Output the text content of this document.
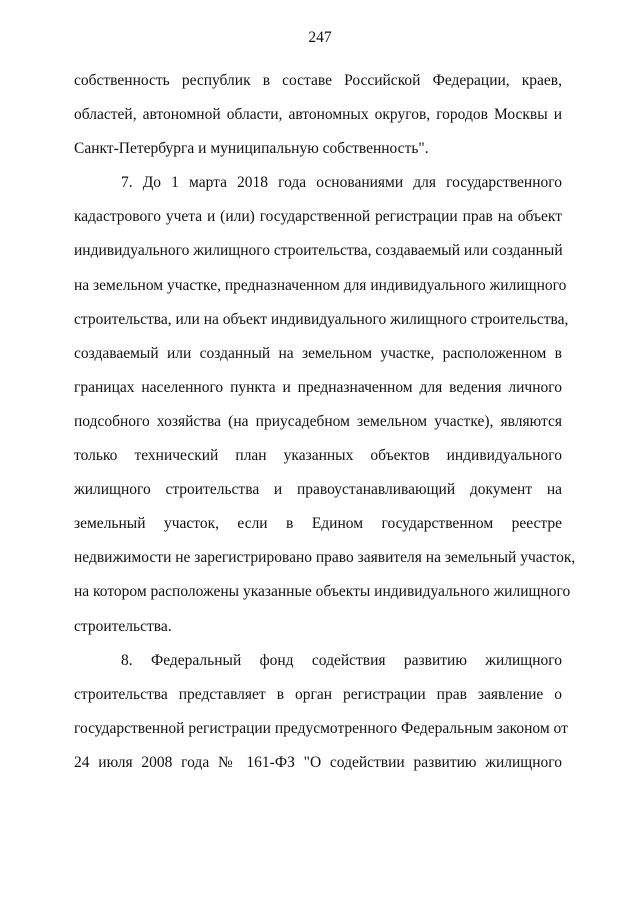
247
собственность республик в составе Российской Федерации, краев,
областей, автономной области, автономных округов, городов Москвы и
Санкт-Петербурга и муниципальную собственность".
7. До 1 марта 2018 года основаниями для государственного
кадастрового учета и (или) государственной регистрации прав на объект
индивидуального жилищного строительства, создаваемый или созданный
на земельном участке, предназначенном для индивидуального жилищного
строительства, или на объект индивидуального жилищного строительства,
создаваемый или созданный на земельном участке, расположенном в
границах населенного пункта и предназначенном для ведения личного
подсобного хозяйства (на приусадебном земельном участке), являются
только технический план указанных объектов индивидуального
жилищного строительства и правоустанавливающий документ на
земельный участок, если в Едином государственном реестре
недвижимости не зарегистрировано право заявителя на земельный участок,
на котором расположены указанные объекты индивидуального жилищного
строительства.
8. Федеральный фонд содействия развитию жилищного
строительства представляет в орган регистрации прав заявление о
государственной регистрации предусмотренного Федеральным законом от
24 июля 2008 года № 161-ФЗ "О содействии развитию жилищного
